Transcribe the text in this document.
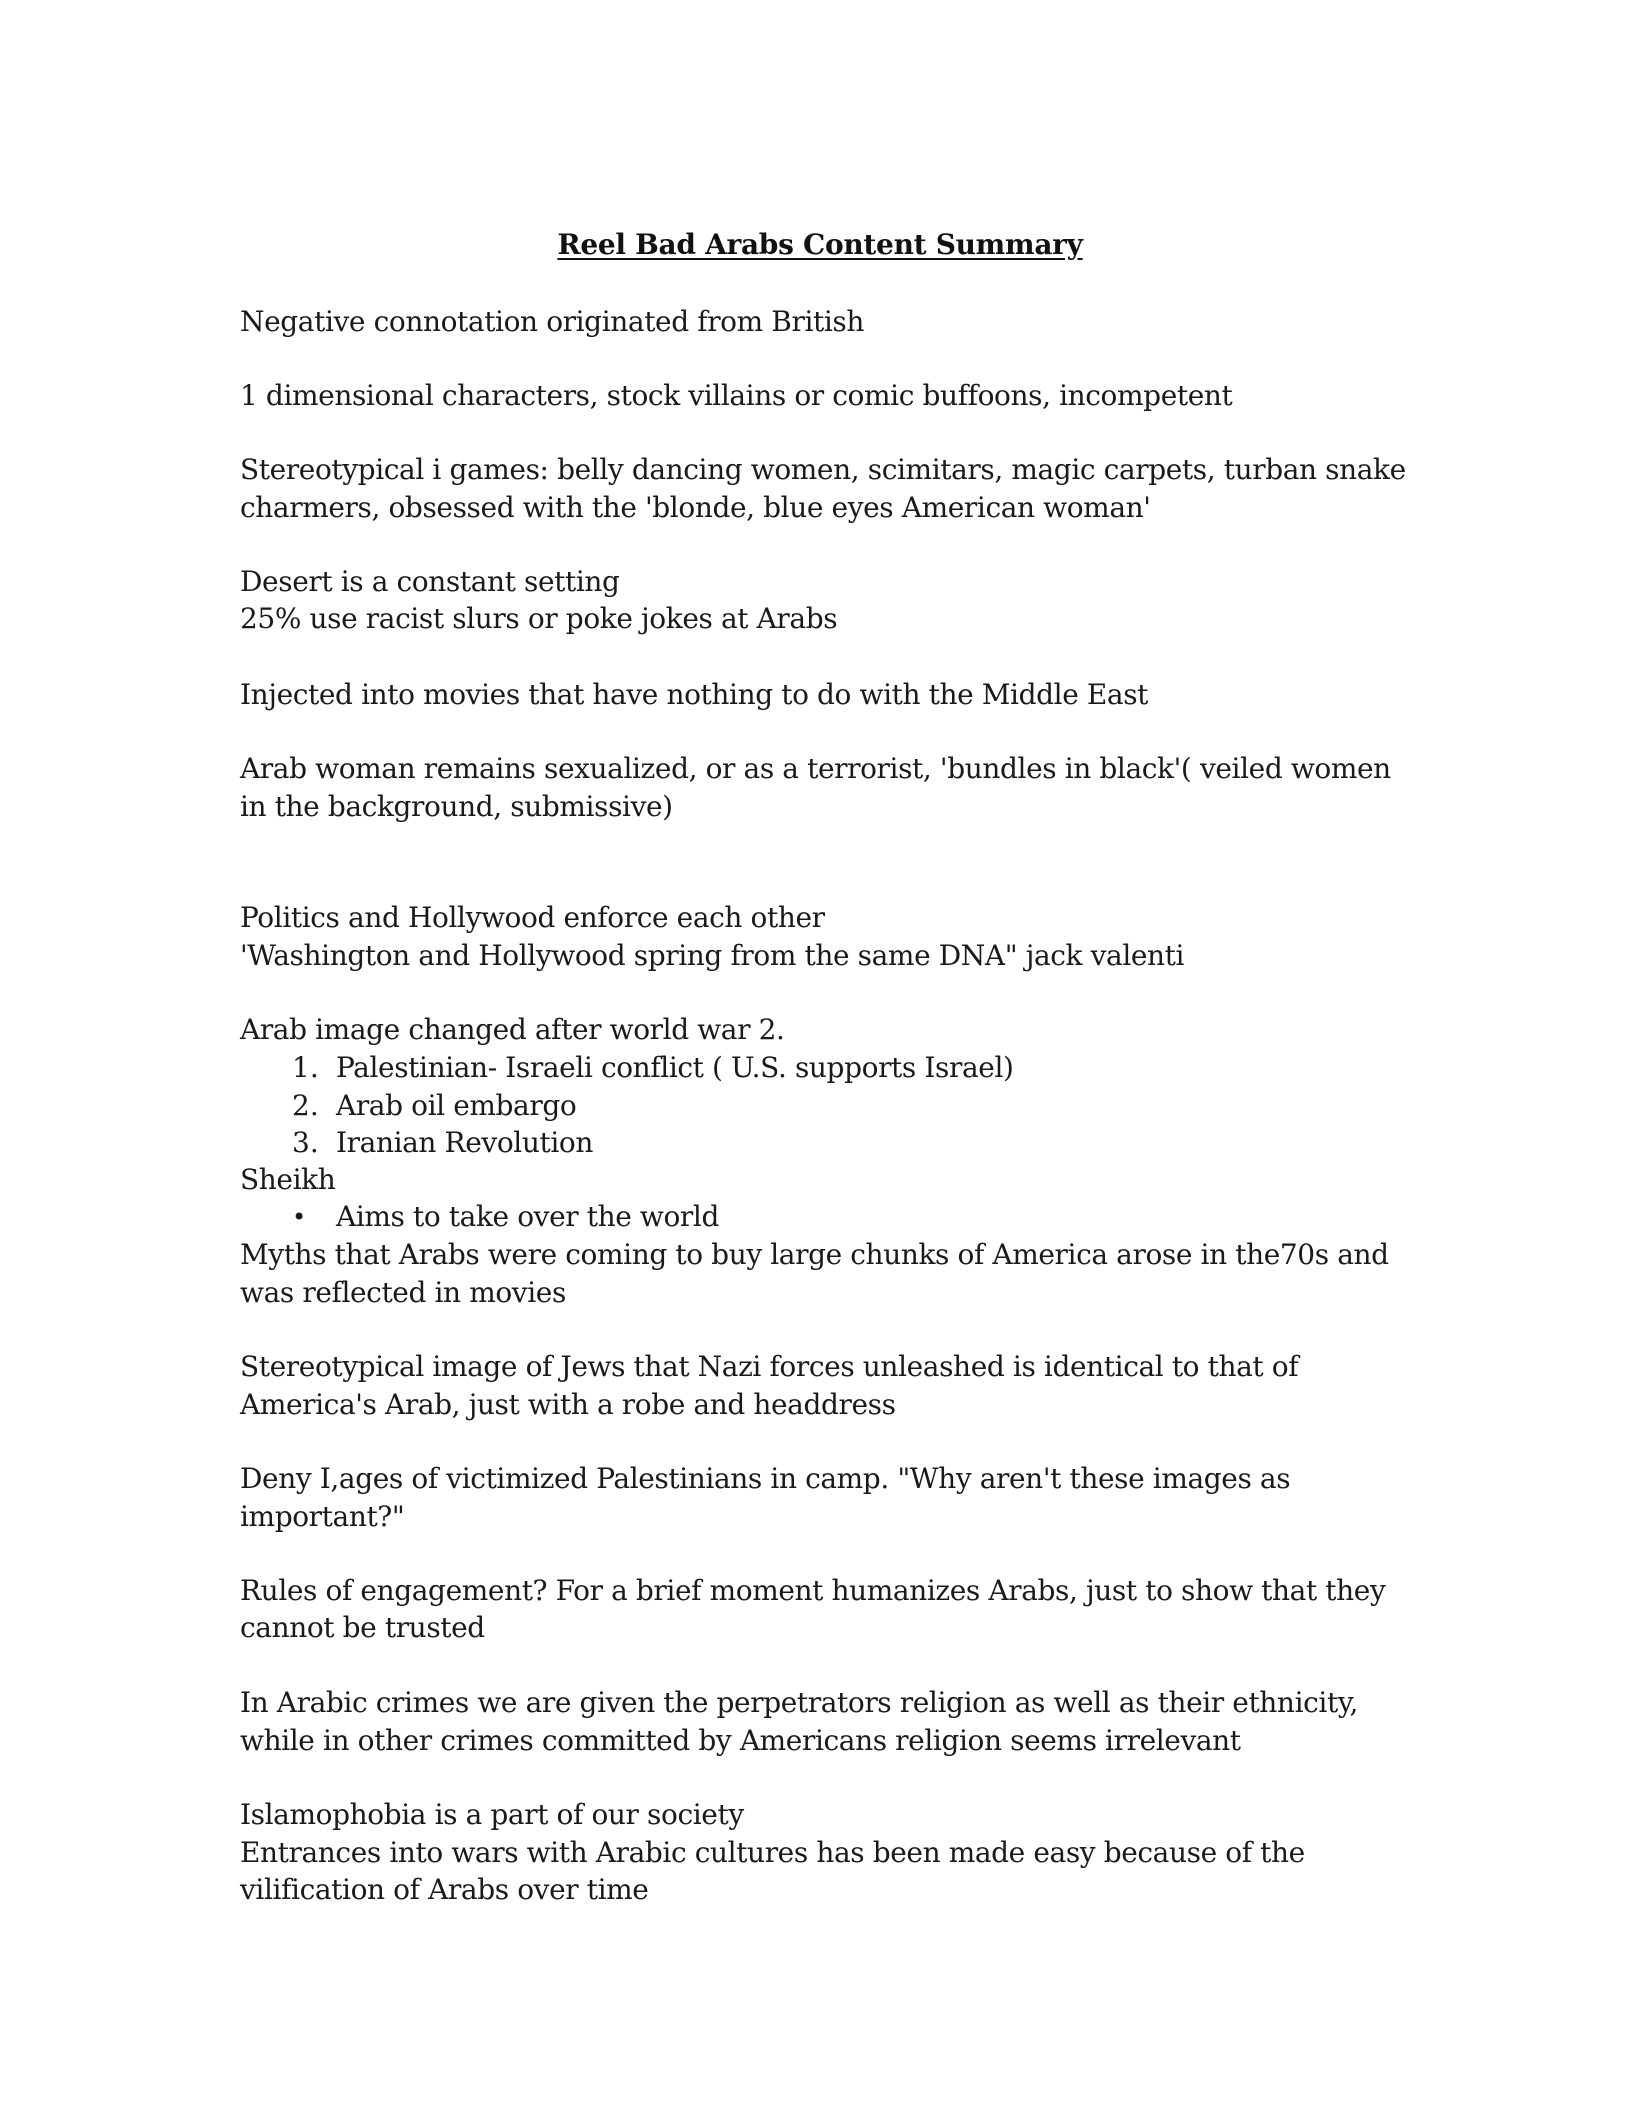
Reel Bad Arabs Content Summary
Negative connotation originated from British
1 dimensional characters, stock villains or comic buffoons, incompetent
Stereotypical i games: belly dancing women, scimitars, magic carpets, turban snake
charmers, obsessed with the 'blonde, blue eyes American woman'
Desert is a constant setting
25% use racist slurs or poke jokes at Arabs
Injected into movies that have nothing to do with the Middle East
Arab woman remains sexualized, or as a terrorist, 'bundles in black'( veiled women
in the background, submissive)
Politics and Hollywood enforce each other
'Washington and Hollywood spring from the same DNA" jack valenti
Arab image changed after world war 2.
1. Palestinian- Israeli conflict ( U.S. supports Israel)
2. Arab oil embargo
3. Iranian Revolution
Sheikh
• Aims to take over the world
Myths that Arabs were coming to buy large chunks of America arose in the70s and
was reflected in movies
Stereotypical image of Jews that Nazi forces unleashed is identical to that of
America's Arab, just with a robe and headdress
Deny I,ages of victimized Palestinians in camp. "Why aren't these images as
important?"
Rules of engagement? For a brief moment humanizes Arabs, just to show that they
cannot be trusted
In Arabic crimes we are given the perpetrators religion as well as their ethnicity,
while in other crimes committed by Americans religion seems irrelevant
Islamophobia is a part of our society
Entrances into wars with Arabic cultures has been made easy because of the
vilification of Arabs over time
